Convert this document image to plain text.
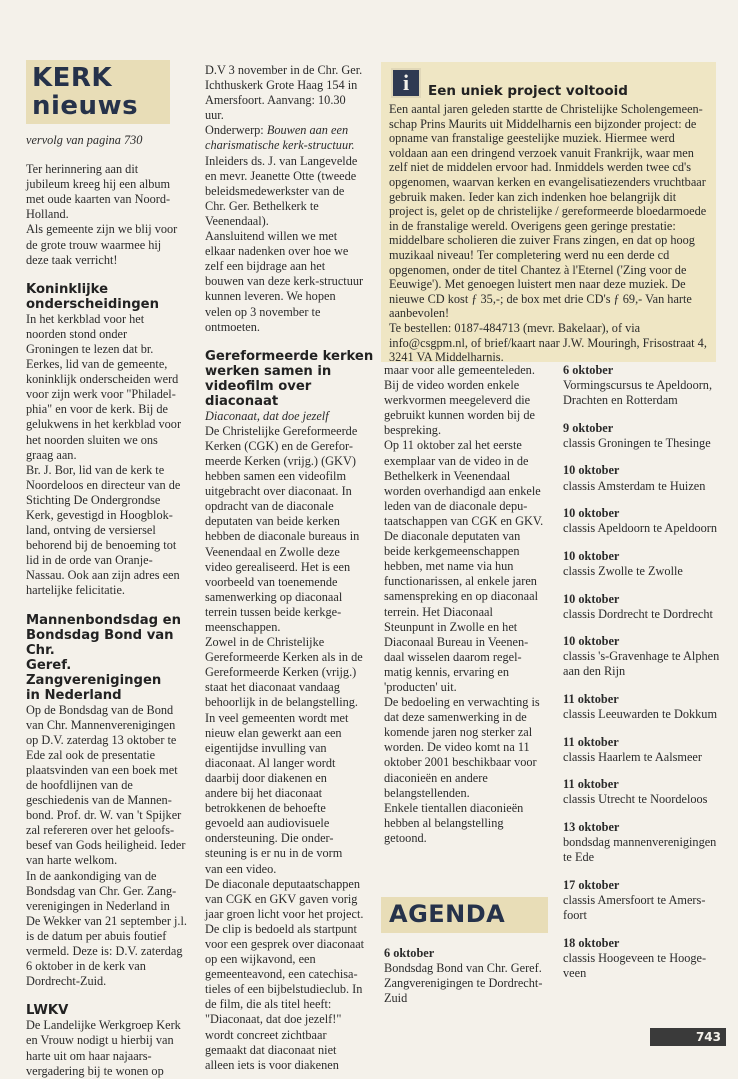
KERK
nieuws

vervolg van pagina 730

Ter herinnering aan dit
jubileum kreeg hij een album
met oude kaarten van Noord-
Holland.
Als gemeente zijn we blij voor
de grote trouw waarmee hij
deze taak verricht!
Koninklijke
onderscheidingen
In het kerkblad voor het
noorden stond onder
Groningen te lezen dat br.
Eerkes, lid van de gemeente,
koninklijk onderscheiden werd
voor zijn werk voor "Philadel-
phia" en voor de kerk. Bij de
gelukwens in het kerkblad voor
het noorden sluiten we ons
graag aan.
Br. J. Bor, lid van de kerk te
Noordeloos en directeur van de
Stichting De Ondergrondse
Kerk, gevestigd in Hoogblok-
land, ontving de versiersel
behorend bij de benoeming tot
lid in de orde van Oranje-
Nassau. Ook aan zijn adres een
hartelijke felicitatie.
Mannenbondsdag en
Bondsdag Bond van Chr.
Geref. Zangverenigingen
in Nederland
Op de Bondsdag van de Bond
van Chr. Mannenverenigingen
op D.V. zaterdag 13 oktober te
Ede zal ook de presentatie
plaatsvinden van een boek met
de hoofdlijnen van de
geschiedenis van de Mannen-
bond. Prof. dr. W. van 't Spijker
zal refereren over het geloofs-
besef van Gods heiligheid. Ieder
van harte welkom.
In de aankondiging van de
Bondsdag van Chr. Ger. Zang-
verenigingen in Nederland in
De Wekker van 21 september j.l.
is de datum per abuis foutief
vermeld. Deze is: D.V. zaterdag
6 oktober in de kerk van
Dordrecht-Zuid.
LWKV
De Landelijke Werkgroep Kerk
en Vrouw nodigt u hierbij van
harte uit om haar najaars-
vergadering bij te wonen op
D.V 3 november in de Chr. Ger.
Ichthuskerk Grote Haag 154 in
Amersfoort. Aanvang: 10.30
uur.
Onderwerp: Bouwen aan een
charismatische kerk-structuur.
Inleiders ds. J. van Langevelde
en mevr. Jeanette Otte (tweede
beleidsmedewerkster van de
Chr. Ger. Bethelkerk te
Veenendaal).
Aansluitend willen we met
elkaar nadenken over hoe we
zelf een bijdrage aan het
bouwen van deze kerk-structuur
kunnen leveren. We hopen
velen op 3 november te
ontmoeten.
Gereformeerde kerken
werken samen in
videofilm over diaconaat

Diaconaat, dat doe jezelf

De Christelijke Gereformeerde
Kerken (CGK) en de Gerefor-
meerde Kerken (vrijg.) (GKV)
hebben samen een videofilm
uitgebracht over diaconaat. In
opdracht van de diaconale
deputaten van beide kerken
hebben de diaconale bureaus in
Veenendaal en Zwolle deze
video gerealiseerd. Het is een
voorbeeld van toenemende
samenwerking op diaconaal
terrein tussen beide kerkge-
meenschappen.
Zowel in de Christelijke
Gereformeerde Kerken als in de
Gereformeerde Kerken (vrijg.)
staat het diaconaat vandaag
behoorlijk in de belangstelling.
In veel gemeenten wordt met
nieuw elan gewerkt aan een
eigentijdse invulling van
diaconaat. Al langer wordt
daarbij door diakenen en
andere bij het diaconaat
betrokkenen de behoefte
gevoeld aan audiovisuele
ondersteuning. Die onder-
steuning is er nu in de vorm
van een video.
De diaconale deputaatschappen
van CGK en GKV gaven vorig
jaar groen licht voor het project.
De clip is bedoeld als startpunt
voor een gesprek over diaconaat
op een wijkavond, een
gemeenteavond, een catechisa-
tieles of een bijbelstudieclub. In
de film, die als titel heeft:
"Diaconaat, dat doe jezelf!"
wordt concreet zichtbaar
gemaakt dat diaconaat niet
alleen iets is voor diakenen
i	Een uniek project voltooid
Een aantal jaren geleden startte de Christelijke Scholengemeen-
schap Prins Maurits uit Middelharnis een bijzonder project: de
opname van franstalige geestelijke muziek. Hiermee werd
voldaan aan een dringend verzoek vanuit Frankrijk, waar men
zelf niet de middelen ervoor had. Inmiddels werden twee cd's
opgenomen, waarvan kerken en evangelisatiezenders vruchtbaar
gebruik maken. Ieder kan zich indenken hoe belangrijk dit
project is, gelet op de christelijke / gereformeerde bloedarmoede
in de franstalige wereld. Overigens geen geringe prestatie:
middelbare scholieren die zuiver Frans zingen, en dat op hoog
muzikaal niveau! Ter completering werd nu een derde cd
opgenomen, onder de titel Chantez à l'Eternel ('Zing voor de
Eeuwige'). Met genoegen luistert men naar deze muziek. De
nieuwe CD kost ƒ 35,-; de box met drie CD's ƒ 69,- Van harte
aanbevolen!
Te bestellen: 0187-484713 (mevr. Bakelaar), of via
info@csgpm.nl, of brief/kaart naar J.W. Mouringh, Frisostraat 4,
3241 VA Middelharnis.
maar voor alle gemeenteleden.
Bij de video worden enkele
werkvormen meegeleverd die
gebruikt kunnen worden bij de
bespreking.
Op 11 oktober zal het eerste
exemplaar van de video in de
Bethelkerk in Veenendaal
worden overhandigd aan enkele
leden van de diaconale depu-
taatschappen van CGK en GKV.
De diaconale deputaten van
beide kerkgemeenschappen
hebben, met name via hun
functionarissen, al enkele jaren
samenspreking en op diaconaal
terrein. Het Diaconaal
Steunpunt in Zwolle en het
Diaconaal Bureau in Veenen-
daal wisselen daarom regel-
matig kennis, ervaring en
'producten' uit.
De bedoeling en verwachting is
dat deze samenwerking in de
komende jaren nog sterker zal
worden. De video komt na 11
oktober 2001 beschikbaar voor
diaconieën en andere
belangstellenden.
Enkele tientallen diaconieën
hebben al belangstelling
getoond.
AGENDA
6 oktober
Bondsdag Bond van Chr. Geref.
Zangverenigingen te Dordrecht-
Zuid
6 oktober
Vormingscursus te Apeldoorn,
Drachten en Rotterdam
9 oktober
classis Groningen te Thesinge
10 oktober
classis Amsterdam te Huizen
10 oktober
classis Apeldoorn te Apeldoorn
10 oktober
classis Zwolle te Zwolle
10 oktober
classis Dordrecht te Dordrecht
10 oktober
classis 's-Gravenhage te Alphen
aan den Rijn
11 oktober
classis Leeuwarden te Dokkum
11 oktober
classis Haarlem te Aalsmeer
11 oktober
classis Utrecht te Noordeloos
13 oktober
bondsdag mannenverenigingen
te Ede
17 oktober
classis Amersfoort te Amers-
foort
18 oktober
classis Hoogeveen te Hooge-
veen
743
